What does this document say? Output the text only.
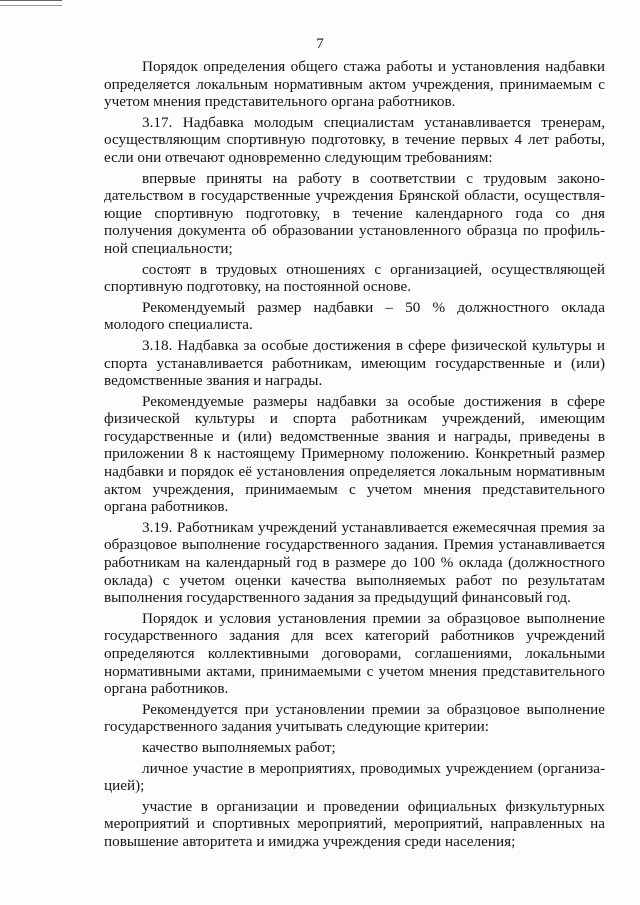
7

Порядок определения общего стажа работы и установления надбавки определяется локальным нормативным актом учреждения, принимаемым с учетом мнения представительного органа работников.

3.17. Надбавка молодым специалистам устанавливается тренерам, осуществляющим спортивную подготовку, в течение первых 4 лет работы, если они отвечают одновременно следующим требованиям:

впервые приняты на работу в соответствии с трудовым законодательством в государственные учреждения Брянской области, осуществляющие спортивную подготовку, в течение календарного года со дня получения документа об образовании установленного образца по профильной специальности;

состоят в трудовых отношениях с организацией, осуществляющей спортивную подготовку, на постоянной основе.

Рекомендуемый размер надбавки – 50 % должностного оклада молодого специалиста.

3.18. Надбавка за особые достижения в сфере физической культуры и спорта устанавливается работникам, имеющим государственные и (или) ведомственные звания и награды.

Рекомендуемые размеры надбавки за особые достижения в сфере физической культуры и спорта работникам учреждений, имеющим государственные и (или) ведомственные звания и награды, приведены в приложении 8 к настоящему Примерному положению. Конкретный размер надбавки и порядок её установления определяется локальным нормативным актом учреждения, принимаемым с учетом мнения представительного органа работников.

3.19. Работникам учреждений устанавливается ежемесячная премия за образцовое выполнение государственного задания. Премия устанавливается работникам на календарный год в размере до 100 % оклада (должностного оклада) с учетом оценки качества выполняемых работ по результатам выполнения государственного задания за предыдущий финансовый год.

Порядок и условия установления премии за образцовое выполнение государственного задания для всех категорий работников учреждений определяются коллективными договорами, соглашениями, локальными нормативными актами, принимаемыми с учетом мнения представительного органа работников.

Рекомендуется при установлении премии за образцовое выполнение государственного задания учитывать следующие критерии:

качество выполняемых работ;

личное участие в мероприятиях, проводимых учреждением (организацией);

участие в организации и проведении официальных физкультурных мероприятий и спортивных мероприятий, мероприятий, направленных на повышение авторитета и имиджа учреждения среди населения;
